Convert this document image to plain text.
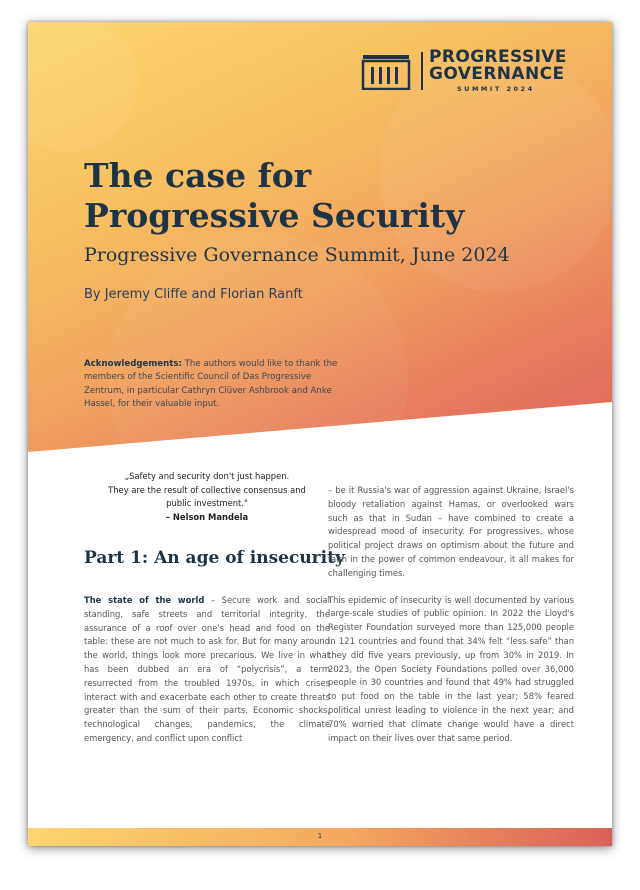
PROGRESSIVE
GOVERNANCE
SUMMIT 2024
The case for
Progressive Security
Progressive Governance Summit, June 2024
By Jeremy Cliffe and Florian Ranft

Acknowledgements: The authors would like to thank the members of the Scientific Council of Das Progressive Zentrum, in particular Cathryn Clüver Ashbrook and Anke Hassel, for their valuable input.

„Safety and security don't just happen.
They are the result of collective consensus and
public investment."
– Nelson Mandela
Part 1: An age of insecurity

The state of the world – Secure work and social standing, safe streets and territorial integrity, the assurance of a roof over one's head and food on the table: these are not much to ask for. But for many around the world, things look more precarious. We live in what has been dubbed an era of “polycrisis”, a term resurrected from the troubled 1970s, in which crises interact with and exacerbate each other to create threats greater than the sum of their parts. Economic shocks, technological changes, pandemics, the climate emergency, and conflict upon conflict

– be it Russia's war of aggression against Ukraine, Israel's bloody retaliation against Hamas, or overlooked wars such as that in Sudan – have combined to create a widespread mood of insecurity. For progressives, whose political project draws on optimism about the future and faith in the power of common endeavour, it all makes for challenging times.

This epidemic of insecurity is well documented by various large-scale studies of public opinion. In 2022 the Lloyd's Register Foundation surveyed more than 125,000 people in 121 countries and found that 34% felt “less safe” than they did five years previously, up from 30% in 2019. In 2023, the Open Society Foundations polled over 36,000 people in 30 countries and found that 49% had struggled to put food on the table in the last year; 58% feared political unrest leading to violence in the next year; and 70% worried that climate change would have a direct impact on their lives over that same period.

1
